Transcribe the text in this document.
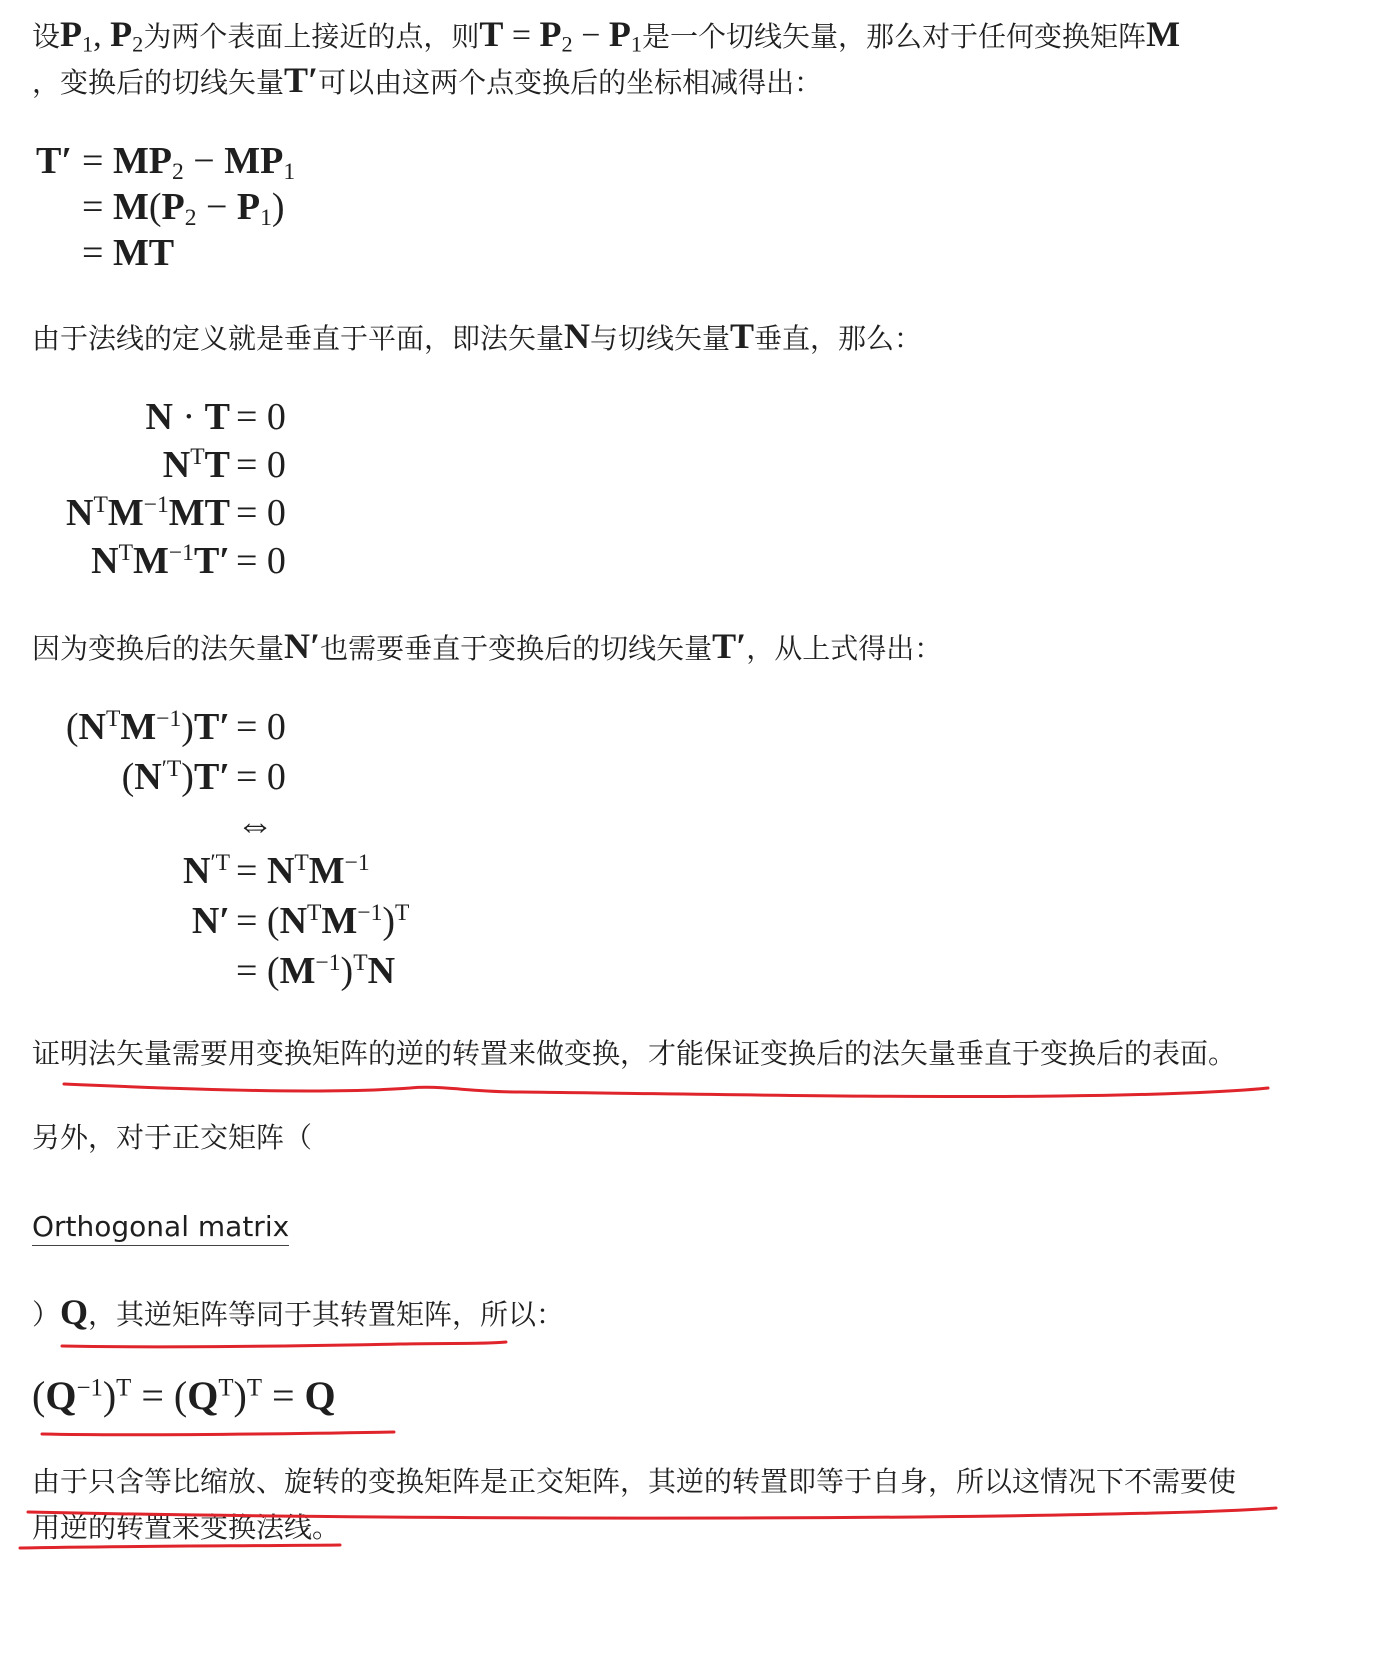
设$P_1$, $P_2$为两个表面上接近的点，则$T = P_2 - P_1$是一个切线矢量，那么对于任何变换矩阵M
，变换后的切线矢量T′可以由这两个点变换后的坐标相减得出：
$T' = MP_2 - MP_1$
= $M(P_2 - P_1)$
= MT
由于法线的定义就是垂直于平面，即法矢量N与切线矢量T垂直，那么：
N · T
$N^TT$
$N^TM^{-1}MT$
$N^TM^{-1}T'$
= 0
= 0
= 0
= 0
因为变换后的法矢量N′也需要垂直于变换后的切线矢量T′，从上式得出：
$(N^TM^{-1})T'$
$(N^{'T})T'$
$N^{'T}$
N′
= 0
= 0
⇔
= $N^TM^{-1}$
= $(N^TM^{-1})^T$
= $(M^{-1})^TN$
证明法矢量需要用变换矩阵的逆的转置来做变换，才能保证变换后的法矢量垂直于变换后的表面。
另外，对于正交矩阵（
Orthogonal matrix
）Q，其逆矩阵等同于其转置矩阵，所以：
$(Q^{-1})^T = (Q^T)^T = Q$
由于只含等比缩放、旋转的变换矩阵是正交矩阵，其逆的转置即等于自身，所以这情况下不需要使
用逆的转置来变换法线。
